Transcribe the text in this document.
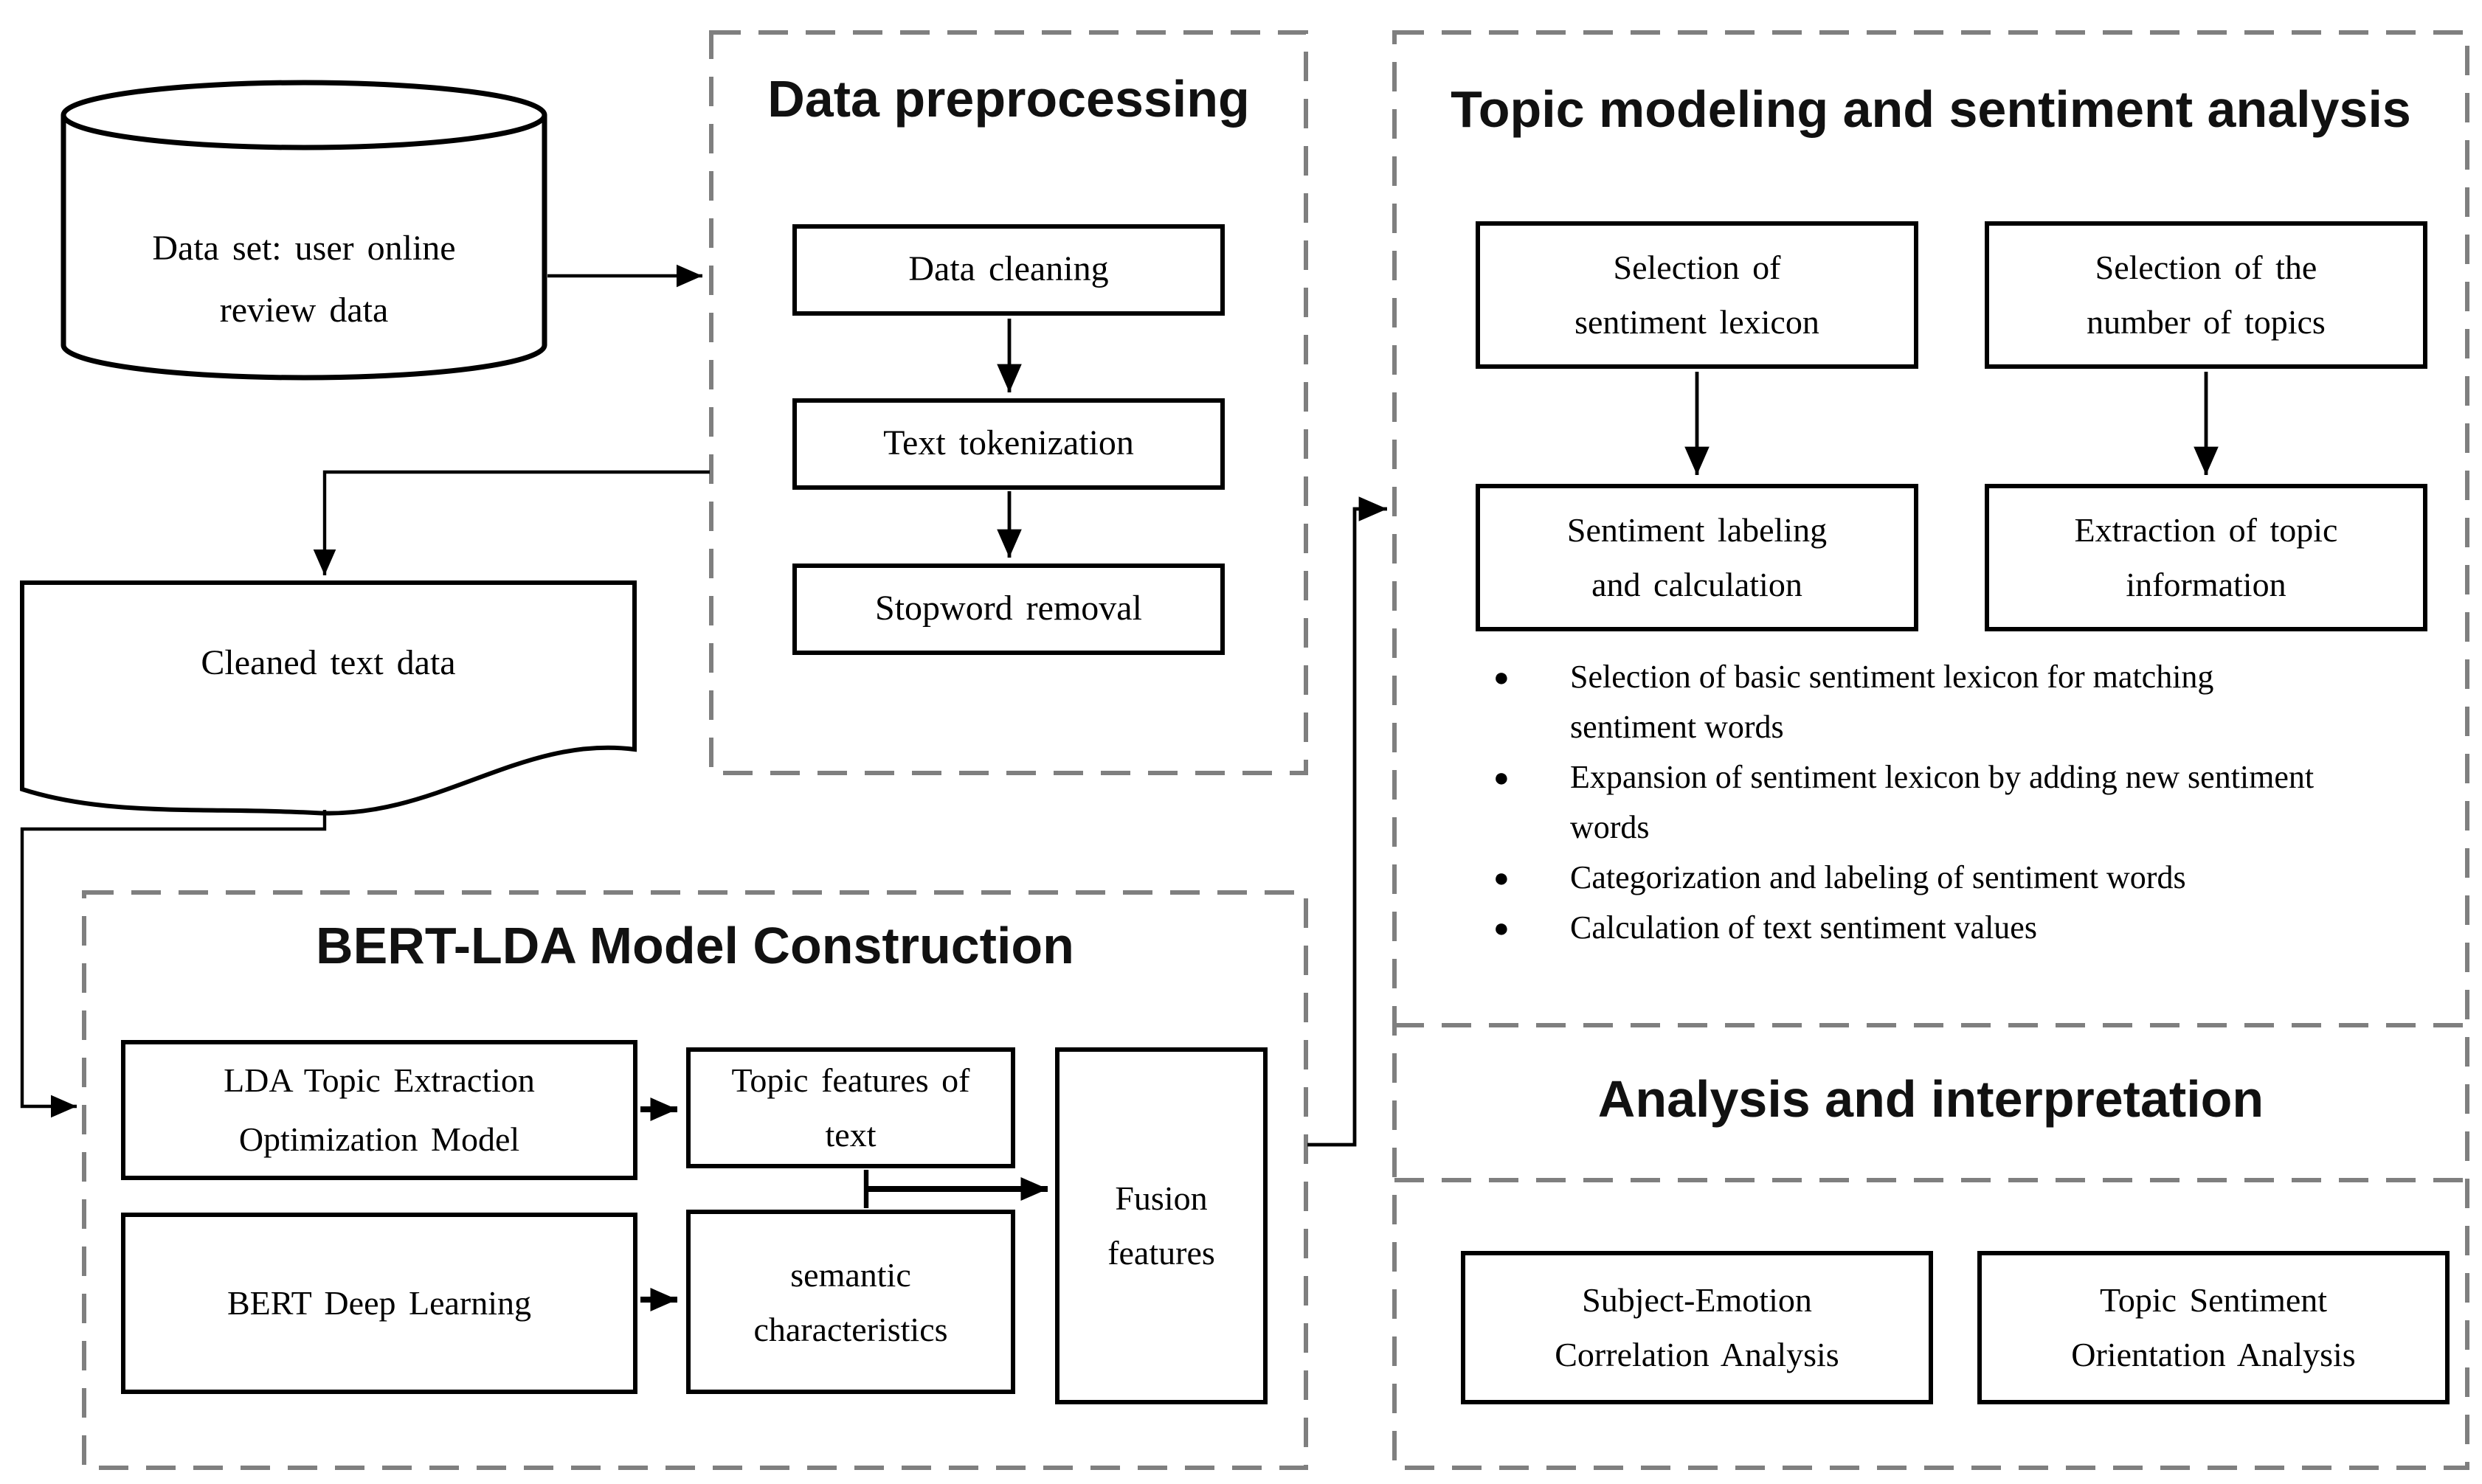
Data set: user online review data
Data preprocessing
Data cleaning
Text tokenization
Stopword removal
Cleaned text data
BERT-LDA Model Construction
LDA Topic Extraction Optimization Model
BERT Deep Learning
Topic features of text
semantic characteristics
Fusion features
Topic modeling and sentiment analysis
Selection of sentiment lexicon
Selection of the number of topics
Sentiment labeling and calculation
Extraction of topic information
●	Selection of basic sentiment lexicon for matching sentiment words
●	Expansion of sentiment lexicon by adding new sentiment words
●	Categorization and labeling of sentiment words
●	Calculation of text sentiment values
Analysis and interpretation
Subject-Emotion Correlation Analysis
Topic Sentiment Orientation Analysis
